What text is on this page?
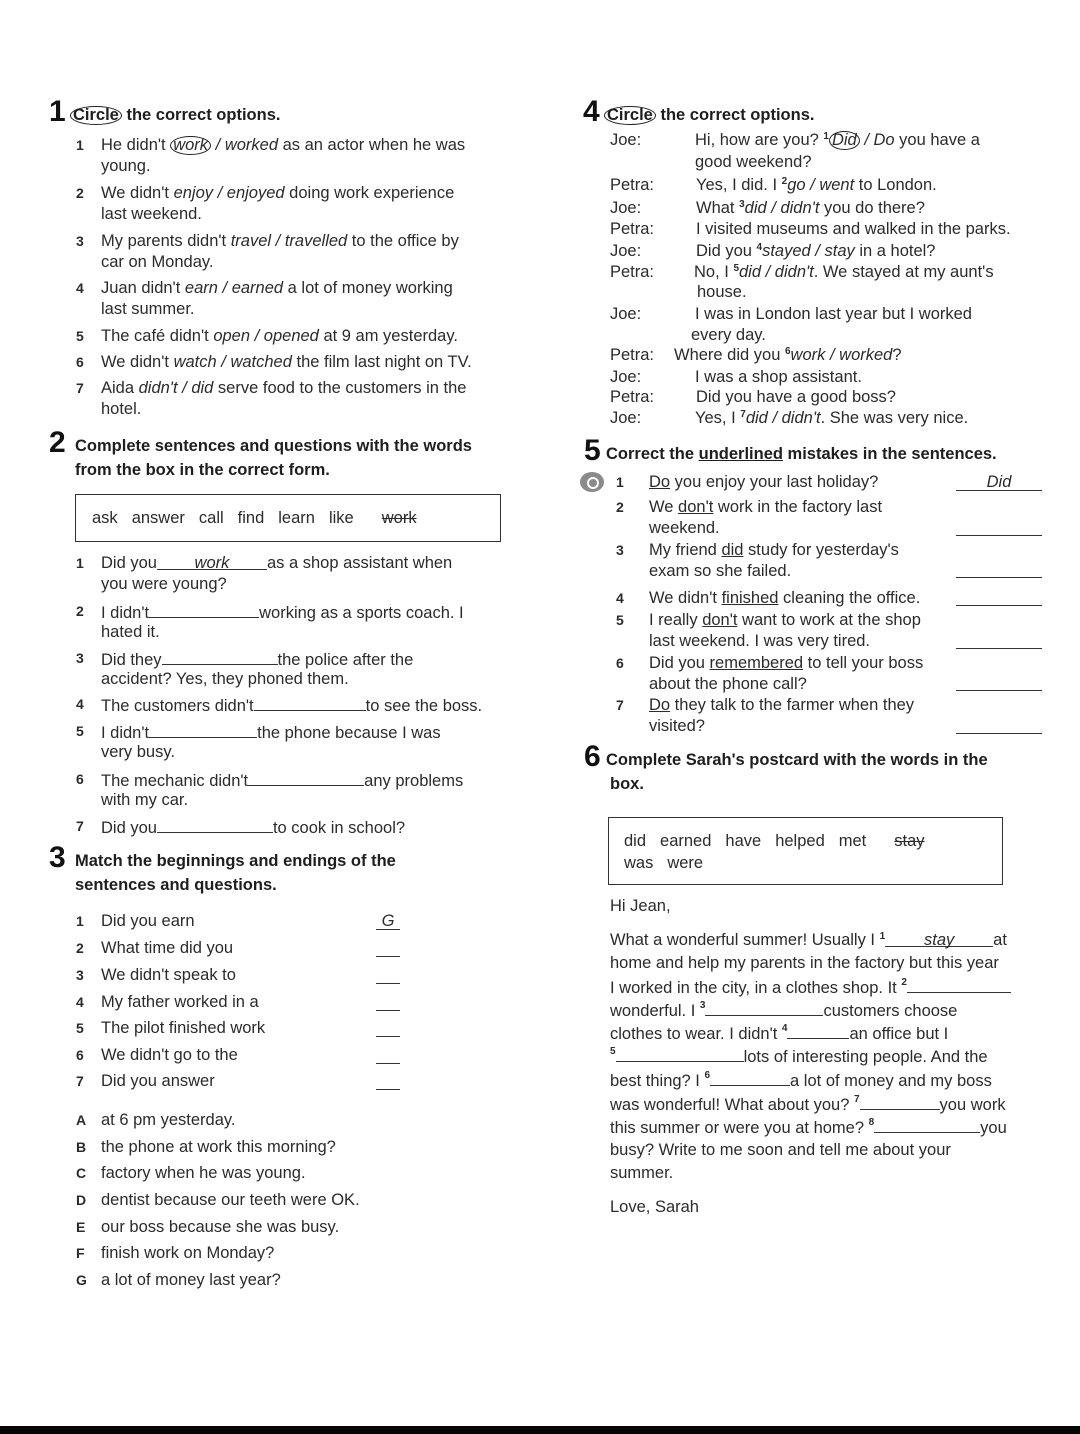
1 Circle the correct options.
1 He didn't work / worked as an actor when he was
young.
2 We didn't enjoy / enjoyed doing work experience
last weekend.
3 My parents didn't travel / travelled to the office by
car on Monday.
4 Juan didn't earn / earned a lot of money working
last summer.
5 The café didn't open / opened at 9 am yesterday.
6 We didn't watch / watched the film last night on TV.
7 Aida didn't / did serve food to the customers in the
hotel.
2 Complete sentences and questions with the words
from the box in the correct form.
ask answer call find learn like work
1 Did you work as a shop assistant when
you were young?
2 I didn't	working as a sports coach. I
hated it.
3 Did they	the police after the
accident? Yes, they phoned them.
4 The customers didn't	to see the boss.
5 I didn't	the phone because I was
very busy.
6 The mechanic didn't	any problems
with my car.
7 Did you	to cook in school?
3 Match the beginnings and endings of the
sentences and questions.
1 Did you earn	G
2 What time did you
3 We didn't speak to
4 My father worked in a
5 The pilot finished work
6 We didn't go to the
7 Did you answer
A at 6 pm yesterday.
B the phone at work this morning?
C factory when he was young.
D dentist because our teeth were OK.
E our boss because she was busy.
F finish work on Monday?
G a lot of money last year?
4 Circle the correct options.
Joe:	Hi, how are you? $^1$ Did / Do you have a
good weekend?
Petra:	Yes, I did. I $^2$go / went to London.
Joe:	What $^3$did / didn't you do there?
Petra:	I visited museums and walked in the parks.
Joe:	Did you $^4$stayed / stay in a hotel?
Petra: No, I $^5$did / didn't. We stayed at my aunt's
house.
Joe:	I was in London last year but I worked
every day.
Petra: Where did you $^6$work / worked?
Joe:	I was a shop assistant.
Petra:	Did you have a good boss?
Joe:	Yes, I $^7$did / didn't. She was very nice.
5 Correct the underlined mistakes in the sentences.
1 Do you enjoy your last holiday?	Did
2 We don't work in the factory last
weekend.
3 My friend did study for yesterday's
exam so she failed.
4 We didn't finished cleaning the office.
5 I really don't want to work at the shop
last weekend. I was very tired.
6 Did you remembered to tell your boss
about the phone call?
7 Do they talk to the farmer when they
visited?
6 Complete Sarah's postcard with the words in the
box.
did earned have helped met stay
was were
Hi Jean,
What a wonderful summer! Usually I $^1$ stay at
home and help my parents in the factory but this year
I worked in the city, in a clothes shop. It $^2$
wonderful. I $^3$	customers choose
clothes to wear. I didn't $^4$	an office but I
$^5$	lots of interesting people. And the
best thing? I $^6$	a lot of money and my boss
was wonderful! What about you? $^7$	you work
this summer or were you at home? $^8$	you
busy? Write to me soon and tell me about your
summer.
Love, Sarah
